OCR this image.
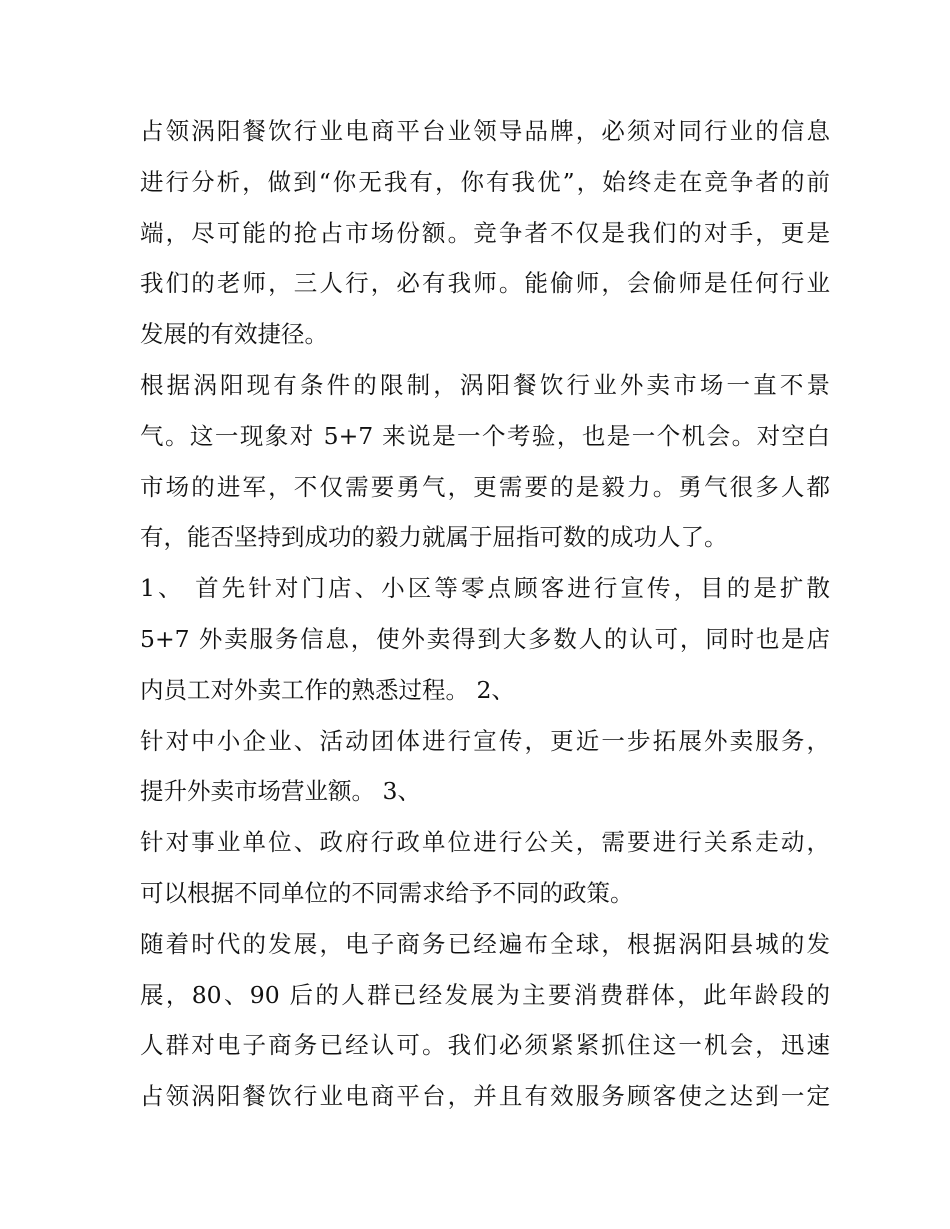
占领涡阳餐饮行业电商平台业领导品牌，必须对同行业的信息
进行分析，做到“你无我有，你有我优”，始终走在竞争者的前
端，尽可能的抢占市场份额。竞争者不仅是我们的对手，更是
我们的老师，三人行，必有我师。能偷师，会偷师是任何行业
发展的有效捷径。
根据涡阳现有条件的限制，涡阳餐饮行业外卖市场一直不景
气。这一现象对 5+7 来说是一个考验，也是一个机会。对空白
市场的进军，不仅需要勇气，更需要的是毅力。勇气很多人都
有，能否坚持到成功的毅力就属于屈指可数的成功人了。
1、 首先针对门店、小区等零点顾客进行宣传，目的是扩散
5+7 外卖服务信息，使外卖得到大多数人的认可，同时也是店
内员工对外卖工作的熟悉过程。 2、
针对中小企业、活动团体进行宣传，更近一步拓展外卖服务，
提升外卖市场营业额。 3、
针对事业单位、政府行政单位进行公关，需要进行关系走动，
可以根据不同单位的不同需求给予不同的政策。
随着时代的发展，电子商务已经遍布全球，根据涡阳县城的发
展，80、90 后的人群已经发展为主要消费群体，此年龄段的
人群对电子商务已经认可。我们必须紧紧抓住这一机会，迅速
占领涡阳餐饮行业电商平台，并且有效服务顾客使之达到一定
